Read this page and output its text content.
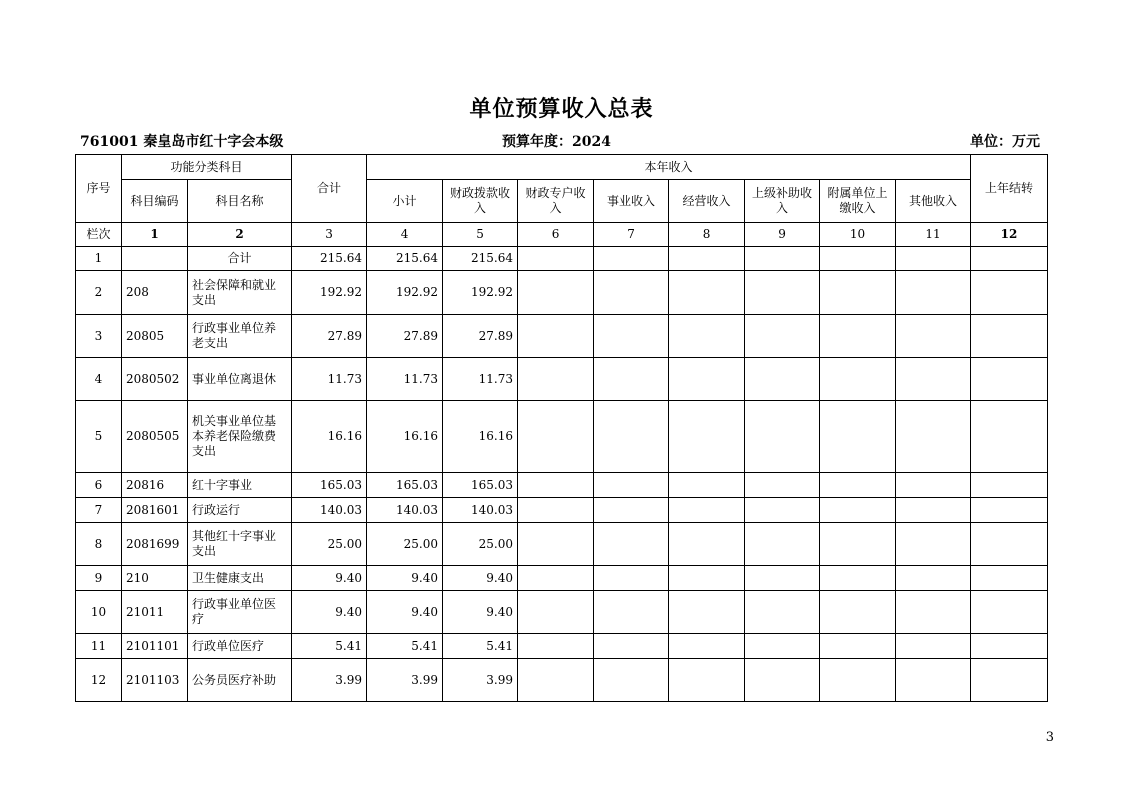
单位预算收入总表
761001 秦皇岛市红十字会本级	预算年度：2024	单位：万元
序号	功能分类科目		合计	本年收入								上年结转
	科目编码	科目名称		小计	财政拨款收入	财政专户收入	事业收入	经营收入	上级补助收入	附属单位上缴收入	其他收入	
栏次	1	2	3	4	5	6	7	8	9	10	11	12
1		合计	215.64	215.64	215.64							
2	208	社会保障和就业支出	192.92	192.92	192.92							
3	20805	行政事业单位养老支出	27.89	27.89	27.89							
4	2080502	事业单位离退休	11.73	11.73	11.73							
5	2080505	机关事业单位基本养老保险缴费支出	16.16	16.16	16.16							
6	20816	红十字事业	165.03	165.03	165.03							
7	2081601	行政运行	140.03	140.03	140.03							
8	2081699	其他红十字事业支出	25.00	25.00	25.00							
9	210	卫生健康支出	9.40	9.40	9.40							
10	21011	行政事业单位医疗	9.40	9.40	9.40							
11	2101101	行政单位医疗	5.41	5.41	5.41							
12	2101103	公务员医疗补助	3.99	3.99	3.99							
3
